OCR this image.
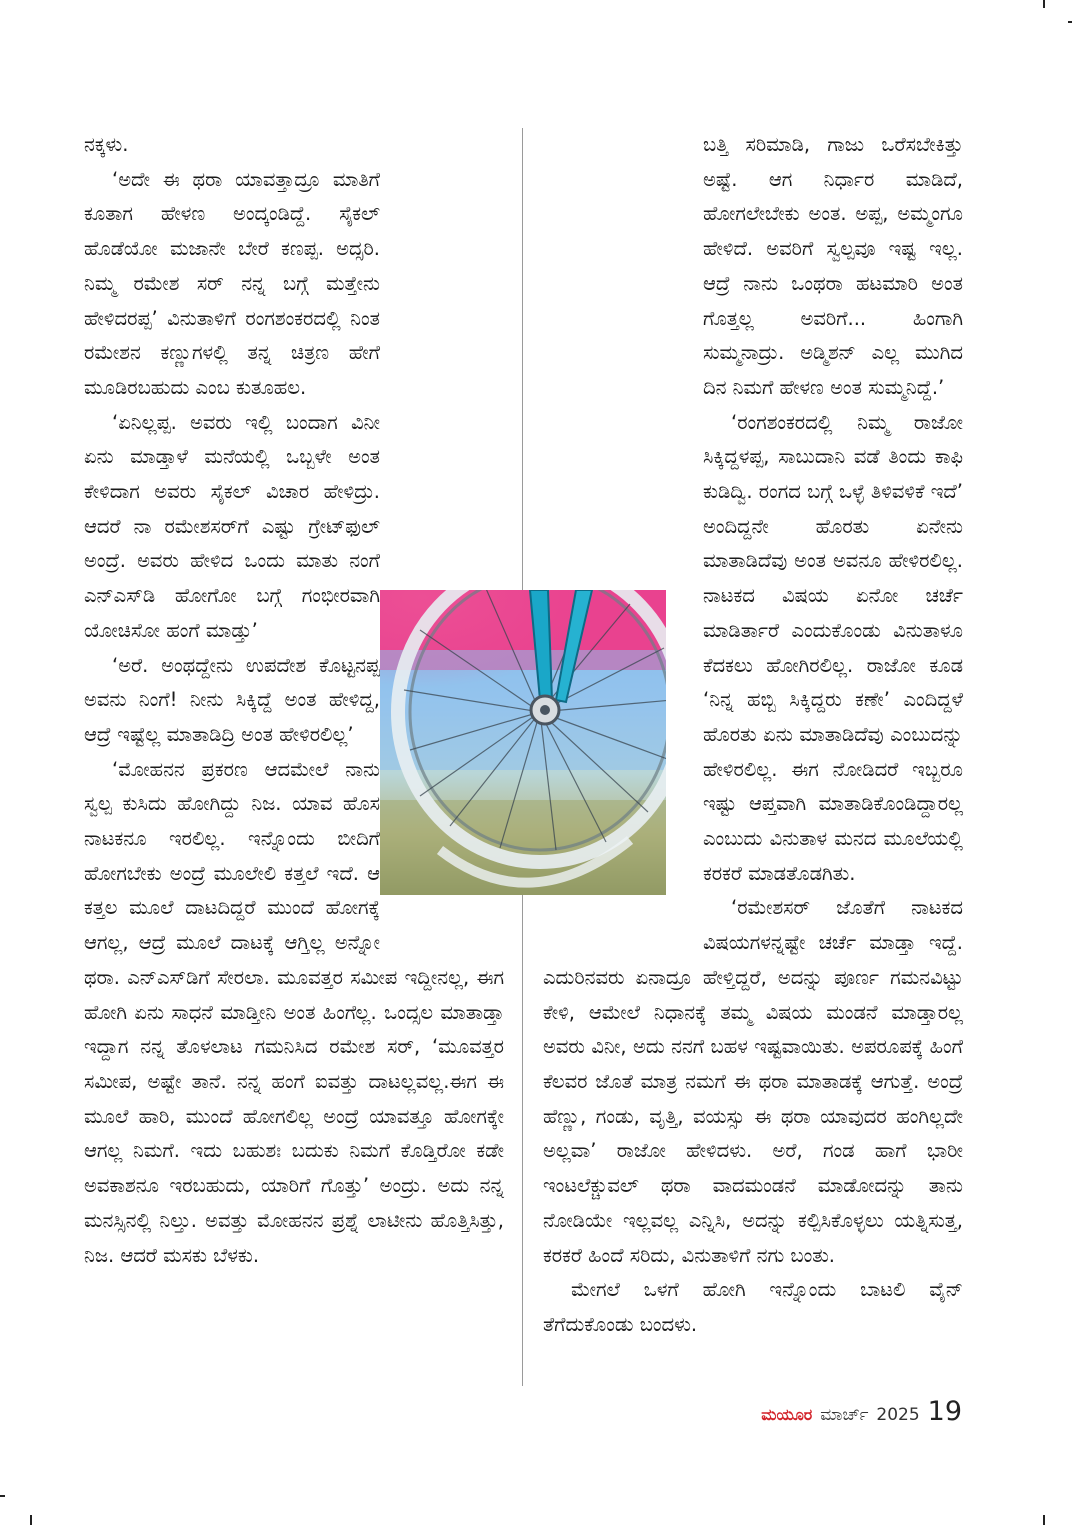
ನಕ್ಕಳು.

‘ಅದೇ ಈ ಥರಾ ಯಾವತ್ತಾದ್ರೂ ಮಾತಿಗೆ ಕೂತಾಗ ಹೇಳಣ ಅಂದ್ಕಂಡಿದ್ದೆ. ಸೈಕಲ್ ಹೊಡೆಯೋ ಮಜಾನೇ ಬೇರೆ ಕಣಪ್ಪ. ಅದ್ಸರಿ. ನಿಮ್ಮ ರಮೇಶ ಸರ್ ನನ್ನ ಬಗ್ಗೆ ಮತ್ತೇನು ಹೇಳಿದರಪ್ಪ’ ವಿನುತಾಳಿಗೆ ರಂಗಶಂಕರದಲ್ಲಿ ನಿಂತ ರಮೇಶನ ಕಣ್ಣುಗಳಲ್ಲಿ ತನ್ನ ಚಿತ್ರಣ ಹೇಗೆ ಮೂಡಿರಬಹುದು ಎಂಬ ಕುತೂಹಲ.

‘ಏನಿಲ್ಲಪ್ಪ. ಅವರು ಇಲ್ಲಿ ಬಂದಾಗ ವಿನೀ ಏನು ಮಾಡ್ತಾಳೆ ಮನೆಯಲ್ಲಿ ಒಬ್ಬಳೇ ಅಂತ ಕೇಳಿದಾಗ ಅವರು ಸೈಕಲ್ ವಿಚಾರ ಹೇಳಿದ್ರು. ಆದರೆ ನಾ ರಮೇಶಸರ್‌ಗೆ ಎಷ್ಟು ಗ್ರೇಟ್‌ಫುಲ್ ಅಂದ್ರೆ. ಅವರು ಹೇಳಿದ ಒಂದು ಮಾತು ನಂಗೆ ಎನ್‌ಎಸ್‌ಡಿ ಹೋಗೋ ಬಗ್ಗೆ ಗಂಭೀರವಾಗಿ ಯೋಚಿಸೋ ಹಂಗೆ ಮಾಡ್ತು’

‘ಅರೆ. ಅಂಥದ್ದೇನು ಉಪದೇಶ ಕೊಟ್ಟನಪ್ಪ ಅವನು ನಿಂಗೆ! ನೀನು ಸಿಕ್ಕಿದ್ದೆ ಅಂತ ಹೇಳಿದ್ದ, ಆದ್ರೆ ಇಷ್ಟೆಲ್ಲ ಮಾತಾಡಿದ್ರಿ ಅಂತ ಹೇಳಿರಲಿಲ್ಲ’

‘ಮೋಹನನ ಪ್ರಕರಣ ಆದಮೇಲೆ ನಾನು ಸ್ವಲ್ಪ ಕುಸಿದು ಹೋಗಿದ್ದು ನಿಜ. ಯಾವ ಹೊಸ ನಾಟಕನೂ ಇರಲಿಲ್ಲ. ಇನ್ನೊಂದು ಬೀದಿಗೆ ಹೋಗಬೇಕು ಅಂದ್ರೆ ಮೂಲೇಲಿ ಕತ್ತಲೆ ಇದೆ. ಆ ಕತ್ತಲ ಮೂಲೆ ದಾಟದಿದ್ದರೆ ಮುಂದೆ ಹೋಗಕ್ಕೆ ಆಗಲ್ಲ, ಆದ್ರೆ ಮೂಲೆ ದಾಟಕ್ಕೆ ಆಗ್ತಿಲ್ಲ ಅನ್ನೋ ಥರಾ. ಎನ್‌ಎಸ್‌ಡಿಗೆ ಸೇರಲಾ. ಮೂವತ್ತರ ಸಮೀಪ ಇದ್ದೀನಲ್ಲ, ಈಗ ಹೋಗಿ ಏನು ಸಾಧನೆ ಮಾಡ್ತೀನಿ ಅಂತ ಹಿಂಗೆಲ್ಲ. ಒಂದ್ಸಲ ಮಾತಾಡ್ತಾ ಇದ್ದಾಗ ನನ್ನ ತೊಳಲಾಟ ಗಮನಿಸಿದ ರಮೇಶ ಸರ್, ‘ಮೂವತ್ತರ ಸಮೀಪ, ಅಷ್ಟೇ ತಾನೆ. ನನ್ನ ಹಂಗೆ ಐವತ್ತು ದಾಟಲ್ಲವಲ್ಲ.ಈಗ ಈ ಮೂಲೆ ಹಾರಿ, ಮುಂದೆ ಹೋಗಲಿಲ್ಲ ಅಂದ್ರೆ ಯಾವತ್ತೂ ಹೋಗಕ್ಕೇ ಆಗಲ್ಲ ನಿಮಗೆ. ಇದು ಬಹುಶಃ ಬದುಕು ನಿಮಗೆ ಕೊಡ್ತಿರೋ ಕಡೇ ಅವಕಾಶನೂ ಇರಬಹುದು, ಯಾರಿಗೆ ಗೊತ್ತು’ ಅಂದ್ರು. ಅದು ನನ್ನ ಮನಸ್ಸಿನಲ್ಲಿ ನಿಲ್ತು. ಅವತ್ತು ಮೋಹನನ ಪ್ರಶ್ನೆ ಲಾಟೀನು ಹೊತ್ತಿಸಿತ್ತು, ನಿಜ. ಆದರೆ ಮಸಕು ಬೆಳಕು.

ಬತ್ತಿ ಸರಿಮಾಡಿ, ಗಾಜು ಒರೆಸಬೇಕಿತ್ತು ಅಷ್ಟೆ. ಆಗ ನಿರ್ಧಾರ ಮಾಡಿದೆ, ಹೋಗಲೇಬೇಕು ಅಂತ. ಅಪ್ಪ, ಅಮ್ಮಂಗೂ ಹೇಳಿದೆ. ಅವರಿಗೆ ಸ್ವಲ್ಪವೂ ಇಷ್ಟ ಇಲ್ಲ. ಆದ್ರೆ ನಾನು ಒಂಥರಾ ಹಟಮಾರಿ ಅಂತ ಗೊತ್ತಲ್ಲ ಅವರಿಗೆ... ಹಿಂಗಾಗಿ ಸುಮ್ಮನಾದ್ರು. ಅಡ್ಮಿಶನ್ ಎಲ್ಲ ಮುಗಿದ ದಿನ ನಿಮಗೆ ಹೇಳಣ ಅಂತ ಸುಮ್ಮನಿದ್ದೆ.’

‘ರಂಗಶಂಕರದಲ್ಲಿ ನಿಮ್ಮ ರಾಜೋ ಸಿಕ್ಕಿದ್ದಳಪ್ಪ, ಸಾಬುದಾನಿ ವಡೆ ತಿಂದು ಕಾಫಿ ಕುಡಿದ್ವಿ. ರಂಗದ ಬಗ್ಗೆ ಒಳ್ಳೆ ತಿಳಿವಳಿಕೆ ಇದೆ’ ಅಂದಿದ್ದನೇ ಹೊರತು ಏನೇನು ಮಾತಾಡಿದೆವು ಅಂತ ಅವನೂ ಹೇಳಿರಲಿಲ್ಲ. ನಾಟಕದ ವಿಷಯ ಏನೋ ಚರ್ಚೆ ಮಾಡಿರ್ತಾರೆ ಎಂದುಕೊಂಡು ವಿನುತಾಳೂ ಕೆದಕಲು ಹೋಗಿರಲಿಲ್ಲ. ರಾಜೋ ಕೂಡ ‘ನಿನ್ನ ಹಬ್ಬಿ ಸಿಕ್ಕಿದ್ದರು ಕಣೇ’ ಎಂದಿದ್ದಳೆ ಹೊರತು ಏನು ಮಾತಾಡಿದೆವು ಎಂಬುದನ್ನು ಹೇಳಿರಲಿಲ್ಲ. ಈಗ ನೋಡಿದರೆ ಇಬ್ಬರೂ ಇಷ್ಟು ಆಪ್ತವಾಗಿ ಮಾತಾಡಿಕೊಂಡಿದ್ದಾರಲ್ಲ ಎಂಬುದು ವಿನುತಾಳ ಮನದ ಮೂಲೆಯಲ್ಲಿ ಕರಕರೆ ಮಾಡತೊಡಗಿತು.

‘ರಮೇಶಸರ್ ಜೊತೆಗೆ ನಾಟಕದ ವಿಷಯಗಳನ್ನಷ್ಟೇ ಚರ್ಚೆ ಮಾಡ್ತಾ ಇದ್ದೆ. ಎದುರಿನವರು ಏನಾದ್ರೂ ಹೇಳ್ತಿದ್ದರೆ, ಅದನ್ನು ಪೂರ್ಣ ಗಮನವಿಟ್ಟು ಕೇಳಿ, ಆಮೇಲೆ ನಿಧಾನಕ್ಕೆ ತಮ್ಮ ವಿಷಯ ಮಂಡನೆ ಮಾಡ್ತಾರಲ್ಲ ಅವರು ವಿನೀ, ಅದು ನನಗೆ ಬಹಳ ಇಷ್ಟವಾಯಿತು. ಅಪರೂಪಕ್ಕೆ ಹಿಂಗೆ ಕೆಲವರ ಜೊತೆ ಮಾತ್ರ ನಮಗೆ ಈ ಥರಾ ಮಾತಾಡಕ್ಕೆ ಆಗುತ್ತೆ. ಅಂದ್ರೆ ಹೆಣ್ಣು, ಗಂಡು, ವೃತ್ತಿ, ವಯಸ್ಸು ಈ ಥರಾ ಯಾವುದರ ಹಂಗಿಲ್ಲದೇ ಅಲ್ಲವಾ’ ರಾಜೋ ಹೇಳಿದಳು. ಅರೆ, ಗಂಡ ಹಾಗೆ ಭಾರೀ ಇಂಟಲೆಕ್ಚುವಲ್ ಥರಾ ವಾದಮಂಡನೆ ಮಾಡೋದನ್ನು ತಾನು ನೋಡಿಯೇ ಇಲ್ಲವಲ್ಲ ಎನ್ನಿಸಿ, ಅದನ್ನು ಕಲ್ಪಿಸಿಕೊಳ್ಳಲು ಯತ್ನಿಸುತ್ತ, ಕರಕರೆ ಹಿಂದೆ ಸರಿದು, ವಿನುತಾಳಿಗೆ ನಗು ಬಂತು.

ಮೇಗಲೆ ಒಳಗೆ ಹೋಗಿ ಇನ್ನೊಂದು ಬಾಟಲಿ ವೈನ್ ತೆಗೆದುಕೊಂಡು ಬಂದಳು.

ಮಯೂರ ಮಾರ್ಚ್ 2025 19
